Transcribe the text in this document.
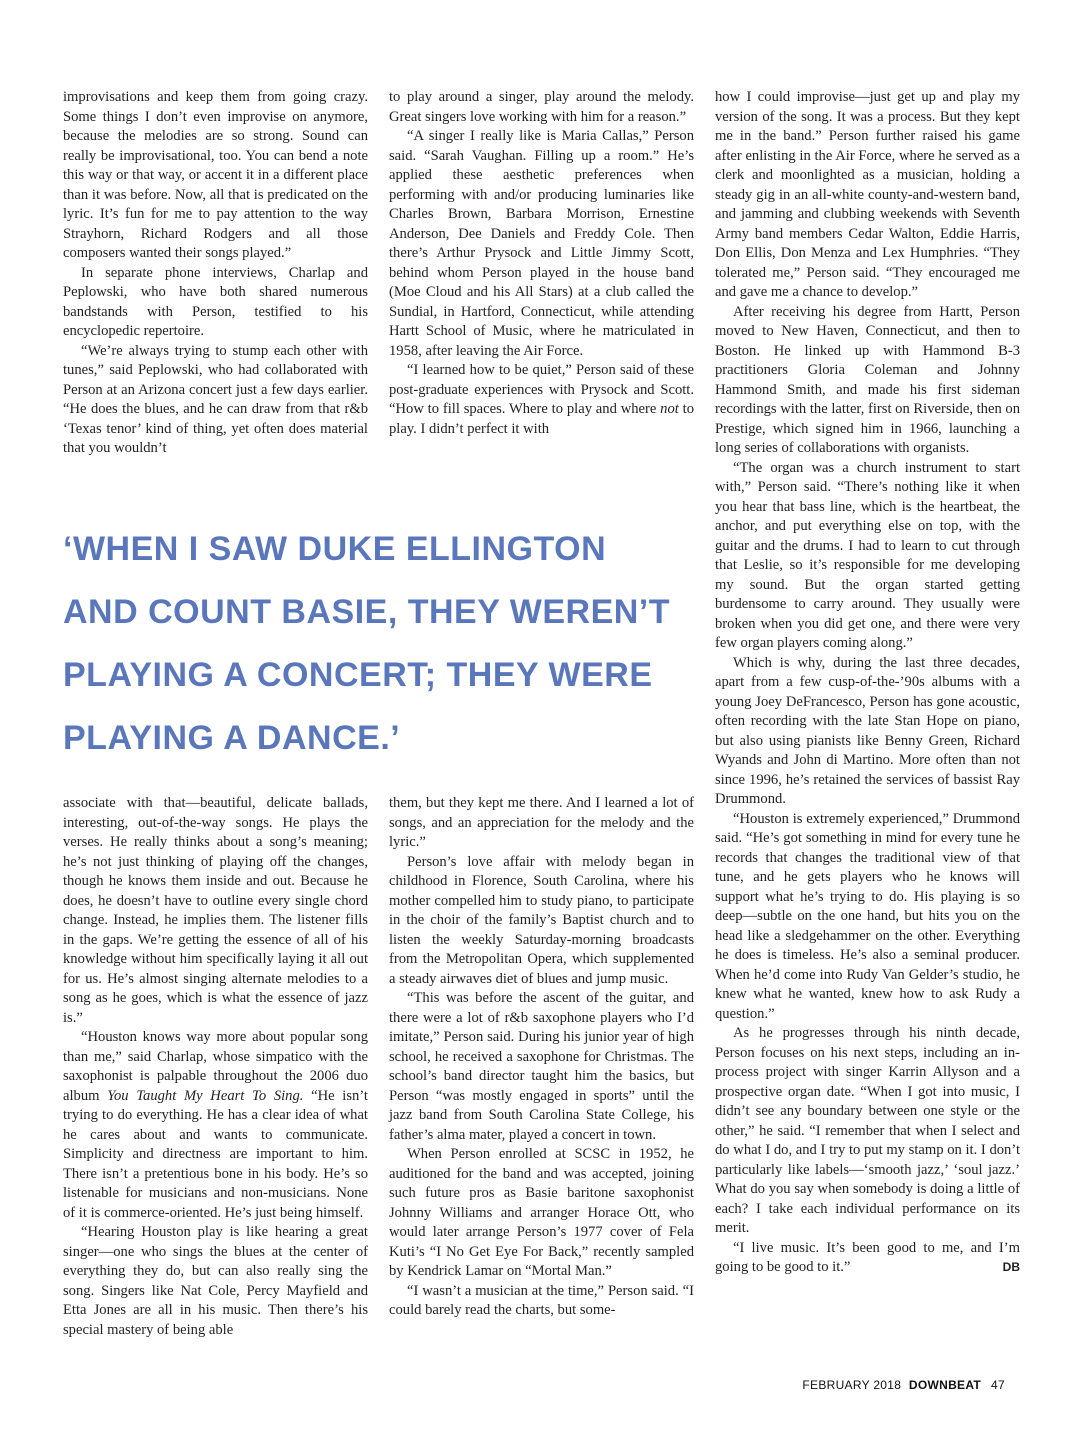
improvisations and keep them from going crazy. Some things I don’t even improvise on anymore, because the melodies are so strong. Sound can really be improvisational, too. You can bend a note this way or that way, or accent it in a different place than it was before. Now, all that is predicated on the lyric. It’s fun for me to pay attention to the way Strayhorn, Richard Rodgers and all those composers wanted their songs played.”

In separate phone interviews, Charlap and Peplowski, who have both shared numerous bandstands with Person, testified to his encyclopedic repertoire.

“We’re always trying to stump each other with tunes,” said Peplowski, who had collaborated with Person at an Arizona concert just a few days earlier. “He does the blues, and he can draw from that r&b ‘Texas tenor’ kind of thing, yet often does material that you wouldn’t

to play around a singer, play around the melody. Great singers love working with him for a reason.”

“A singer I really like is Maria Callas,” Person said. “Sarah Vaughan. Filling up a room.” He’s applied these aesthetic preferences when performing with and/or producing luminaries like Charles Brown, Barbara Morrison, Ernestine Anderson, Dee Daniels and Freddy Cole. Then there’s Arthur Prysock and Little Jimmy Scott, behind whom Person played in the house band (Moe Cloud and his All Stars) at a club called the Sundial, in Hartford, Connecticut, while attending Hartt School of Music, where he matriculated in 1958, after leaving the Air Force.

“I learned how to be quiet,” Person said of these post-graduate experiences with Prysock and Scott. “How to fill spaces. Where to play and where not to play. I didn’t perfect it with

how I could improvise—just get up and play my version of the song. It was a process. But they kept me in the band.” Person further raised his game after enlisting in the Air Force, where he served as a clerk and moonlighted as a musician, holding a steady gig in an all-white county-and-western band, and jamming and clubbing weekends with Seventh Army band members Cedar Walton, Eddie Harris, Don Ellis, Don Menza and Lex Humphries. “They tolerated me,” Person said. “They encouraged me and gave me a chance to develop.”

After receiving his degree from Hartt, Person moved to New Haven, Connecticut, and then to Boston. He linked up with Hammond B-3 practitioners Gloria Coleman and Johnny Hammond Smith, and made his first sideman recordings with the latter, first on Riverside, then on Prestige, which signed him in 1966, launching a long series of collaborations with organists.

“The organ was a church instrument to start with,” Person said. “There’s nothing like it when you hear that bass line, which is the heartbeat, the anchor, and put everything else on top, with the guitar and the drums. I had to learn to cut through that Leslie, so it’s responsible for me developing my sound. But the organ started getting burdensome to carry around. They usually were broken when you did get one, and there were very few organ players coming along.”

Which is why, during the last three decades, apart from a few cusp-of-the-’90s albums with a young Joey DeFrancesco, Person has gone acoustic, often recording with the late Stan Hope on piano, but also using pianists like Benny Green, Richard Wyands and John di Martino. More often than not since 1996, he’s retained the services of bassist Ray Drummond.

“Houston is extremely experienced,” Drummond said. “He’s got something in mind for every tune he records that changes the traditional view of that tune, and he gets players who he knows will support what he’s trying to do. His playing is so deep—subtle on the one hand, but hits you on the head like a sledgehammer on the other. Everything he does is timeless. He’s also a seminal producer. When he’d come into Rudy Van Gelder’s studio, he knew what he wanted, knew how to ask Rudy a question.”

As he progresses through his ninth decade, Person focuses on his next steps, including an in-process project with singer Karrin Allyson and a prospective organ date. “When I got into music, I didn’t see any boundary between one style or the other,” he said. “I remember that when I select and do what I do, and I try to put my stamp on it. I don’t particularly like labels—‘smooth jazz,’ ‘soul jazz.’ What do you say when somebody is doing a little of each? I take each individual performance on its merit.

“I live music. It’s been good to me, and I’m going to be good to it.”	DB

‘WHEN I SAW DUKE ELLINGTON
AND COUNT BASIE, THEY WEREN’T
PLAYING A CONCERT; THEY WERE
PLAYING A DANCE.’

associate with that—beautiful, delicate ballads, interesting, out-of-the-way songs. He plays the verses. He really thinks about a song’s meaning; he’s not just thinking of playing off the changes, though he knows them inside and out. Because he does, he doesn’t have to outline every single chord change. Instead, he implies them. The listener fills in the gaps. We’re getting the essence of all of his knowledge without him specifically laying it all out for us. He’s almost singing alternate melodies to a song as he goes, which is what the essence of jazz is.”

“Houston knows way more about popular song than me,” said Charlap, whose simpatico with the saxophonist is palpable throughout the 2006 duo album You Taught My Heart To Sing. “He isn’t trying to do everything. He has a clear idea of what he cares about and wants to communicate. Simplicity and directness are important to him. There isn’t a pretentious bone in his body. He’s so listenable for musicians and non-musicians. None of it is commerce-oriented. He’s just being himself.

“Hearing Houston play is like hearing a great singer—one who sings the blues at the center of everything they do, but can also really sing the song. Singers like Nat Cole, Percy Mayfield and Etta Jones are all in his music. Then there’s his special mastery of being able

them, but they kept me there. And I learned a lot of songs, and an appreciation for the melody and the lyric.”

Person’s love affair with melody began in childhood in Florence, South Carolina, where his mother compelled him to study piano, to participate in the choir of the family’s Baptist church and to listen the weekly Saturday-morning broadcasts from the Metropolitan Opera, which supplemented a steady airwaves diet of blues and jump music.

“This was before the ascent of the guitar, and there were a lot of r&b saxophone players who I’d imitate,” Person said. During his junior year of high school, he received a saxophone for Christmas. The school’s band director taught him the basics, but Person “was mostly engaged in sports” until the jazz band from South Carolina State College, his father’s alma mater, played a concert in town.

When Person enrolled at SCSC in 1952, he auditioned for the band and was accepted, joining such future pros as Basie baritone saxophonist Johnny Williams and arranger Horace Ott, who would later arrange Person’s 1977 cover of Fela Kuti’s “I No Get Eye For Back,” recently sampled by Kendrick Lamar on “Mortal Man.”

“I wasn’t a musician at the time,” Person said. “I could barely read the charts, but some-

FEBRUARY 2018 DOWNBEAT 47
